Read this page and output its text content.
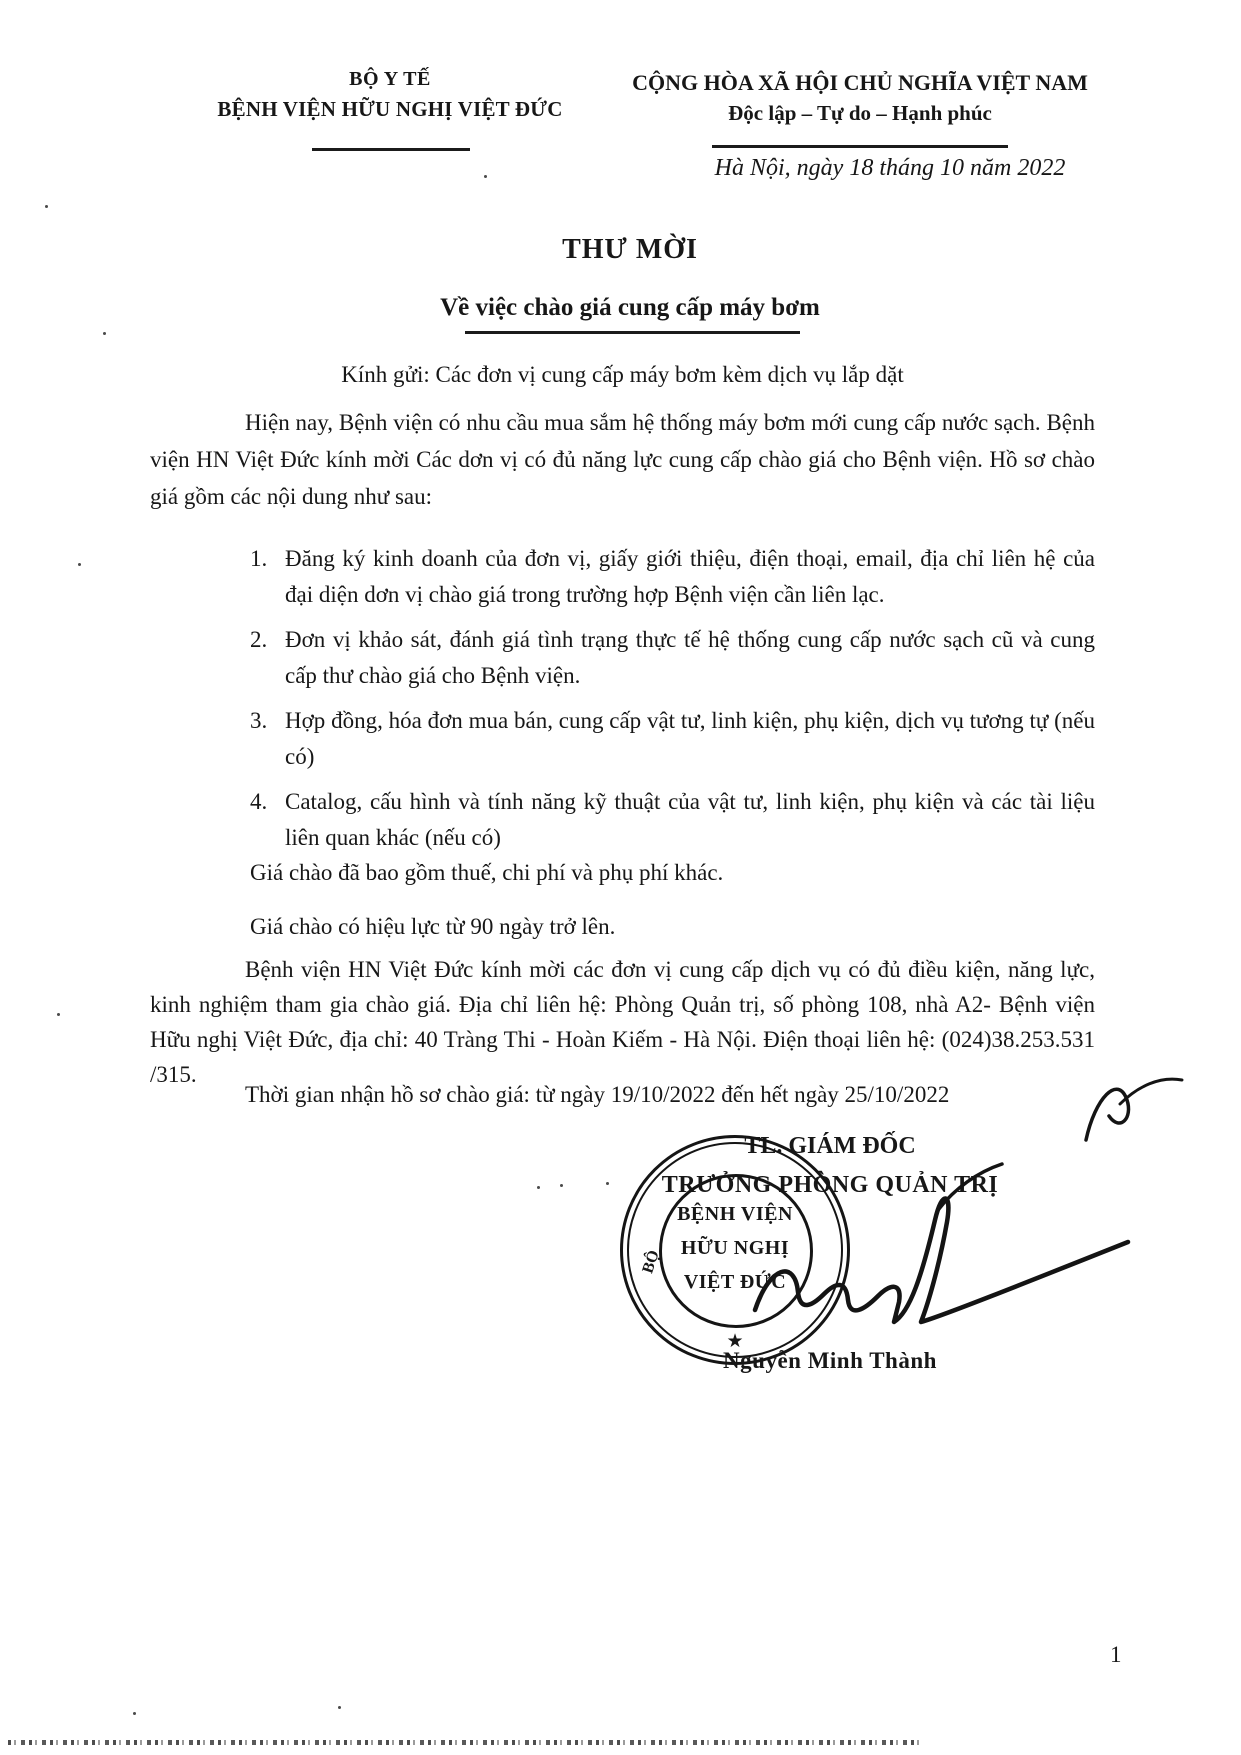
BỘ Y TẾ
BỆNH VIỆN HỮU NGHỊ VIỆT ĐỨC
CỘNG HÒA XÃ HỘI CHỦ NGHĨA VIỆT NAM
Độc lập – Tự do – Hạnh phúc
Hà Nội, ngày 18 tháng 10 năm 2022
THƯ MỜI
Về việc chào giá cung cấp máy bơm
Kính gửi: Các đơn vị cung cấp máy bơm kèm dịch vụ lắp dặt
Hiện nay, Bệnh viện có nhu cầu mua sắm hệ thống máy bơm mới cung cấp nước sạch. Bệnh viện HN Việt Đức kính mời Các dơn vị có đủ năng lực cung cấp chào giá cho Bệnh viện. Hồ sơ chào giá gồm các nội dung như sau:
1. Đăng ký kinh doanh của đơn vị, giấy giới thiệu, điện thoại, email, địa chỉ liên hệ của đại diện dơn vị chào giá trong trường hợp Bệnh viện cần liên lạc.
2. Đơn vị khảo sát, đánh giá tình trạng thực tế hệ thống cung cấp nước sạch cũ và cung cấp thư chào giá cho Bệnh viện.
3. Hợp đồng, hóa đơn mua bán, cung cấp vật tư, linh kiện, phụ kiện, dịch vụ tương tự (nếu có)
4. Catalog, cấu hình và tính năng kỹ thuật của vật tư, linh kiện, phụ kiện và các tài liệu liên quan khác (nếu có)
Giá chào đã bao gồm thuế, chi phí và phụ phí khác.
Giá chào có hiệu lực từ 90 ngày trở lên.
Bệnh viện HN Việt Đức kính mời các đơn vị cung cấp dịch vụ có đủ điều kiện, năng lực, kinh nghiệm tham gia chào giá. Địa chỉ liên hệ: Phòng Quản trị, số phòng 108, nhà A2- Bệnh viện Hữu nghị Việt Đức, địa chỉ: 40 Tràng Thi - Hoàn Kiếm - Hà Nội. Điện thoại liên hệ: (024)38.253.531 /315.
Thời gian nhận hồ sơ chào giá: từ ngày 19/10/2022 đến hết ngày 25/10/2022
TL. GIÁM ĐỐC
TRƯỞNG PHÒNG QUẢN TRỊ
BỆNH VIỆN
HỮU NGHỊ
VIỆT ĐỨC
BỘ
★
Nguyễn Minh Thành
1
